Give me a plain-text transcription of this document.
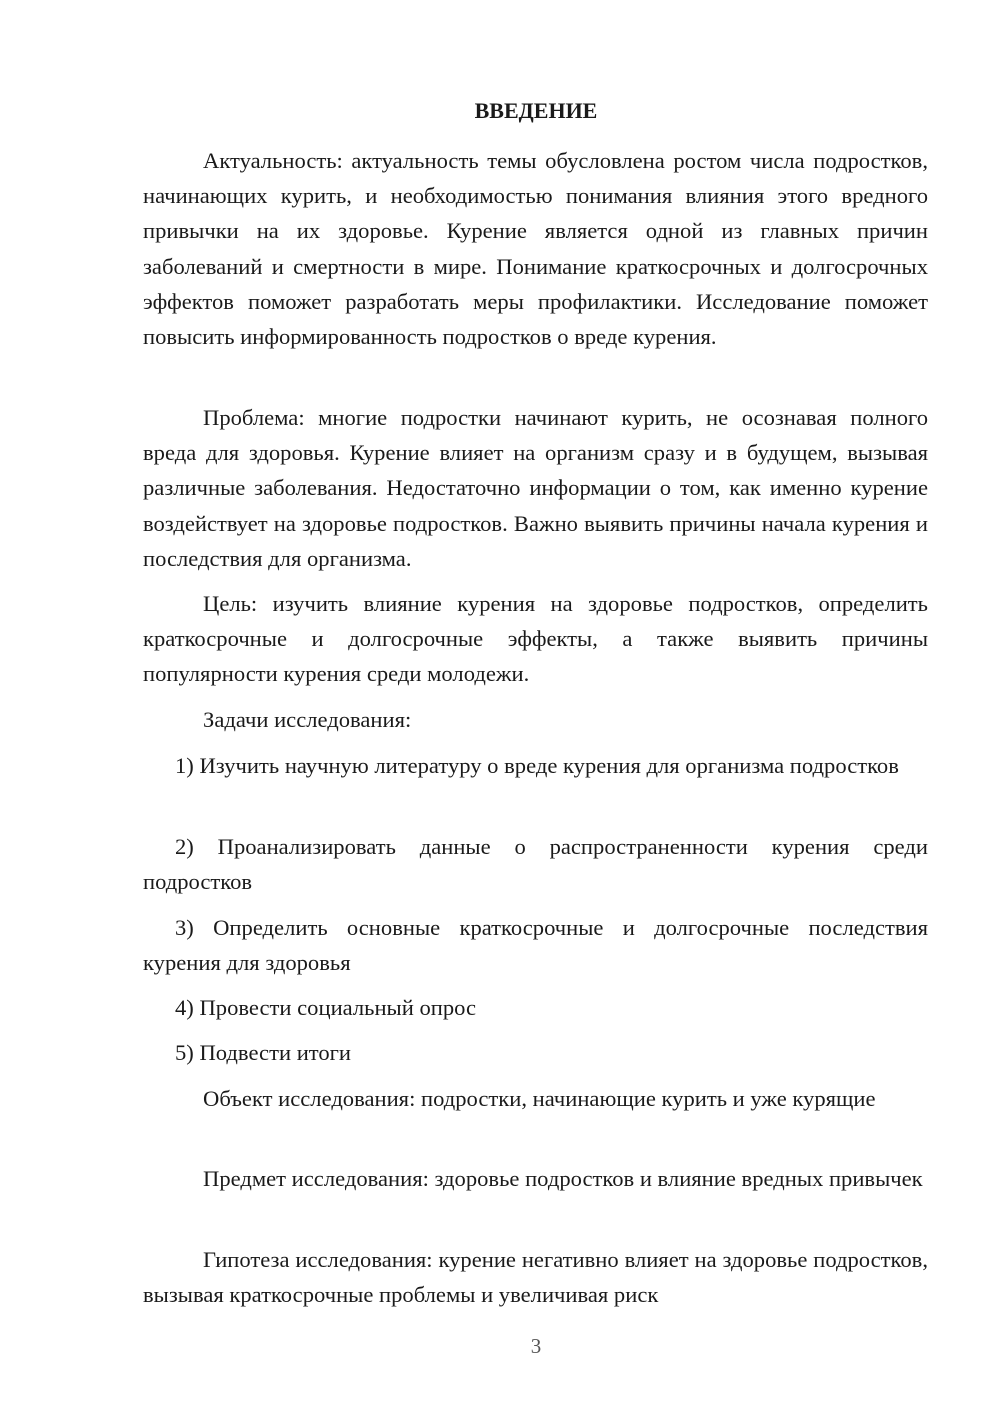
ВВЕДЕНИЕ

Актуальность: актуальность темы обусловлена ростом числа подростков, начинающих курить, и необходимостью понимания влияния этого вредного привычки на их здоровье. Курение является одной из главных причин заболеваний и смертности в мире. Понимание краткосрочных и долгосрочных эффектов поможет разработать меры профилактики. Исследование поможет повысить информированность подростков о вреде курения.

Проблема: многие подростки начинают курить, не осознавая полного вреда для здоровья. Курение влияет на организм сразу и в будущем, вызывая различные заболевания. Недостаточно информации о том, как именно курение воздействует на здоровье подростков. Важно выявить причины начала курения и последствия для организма.

Цель: изучить влияние курения на здоровье подростков, определить краткосрочные и долгосрочные эффекты, а также выявить причины популярности курения среди молодежи.

Задачи исследования:

1) Изучить научную литературу о вреде курения для организма подростков

2) Проанализировать данные о распространенности курения среди подростков

3) Определить основные краткосрочные и долгосрочные последствия курения для здоровья

4) Провести социальный опрос

5) Подвести итоги

Объект исследования: подростки, начинающие курить и уже курящие

Предмет исследования: здоровье подростков и влияние вредных привычек

Гипотеза исследования: курение негативно влияет на здоровье подростков, вызывая краткосрочные проблемы и увеличивая риск

3
